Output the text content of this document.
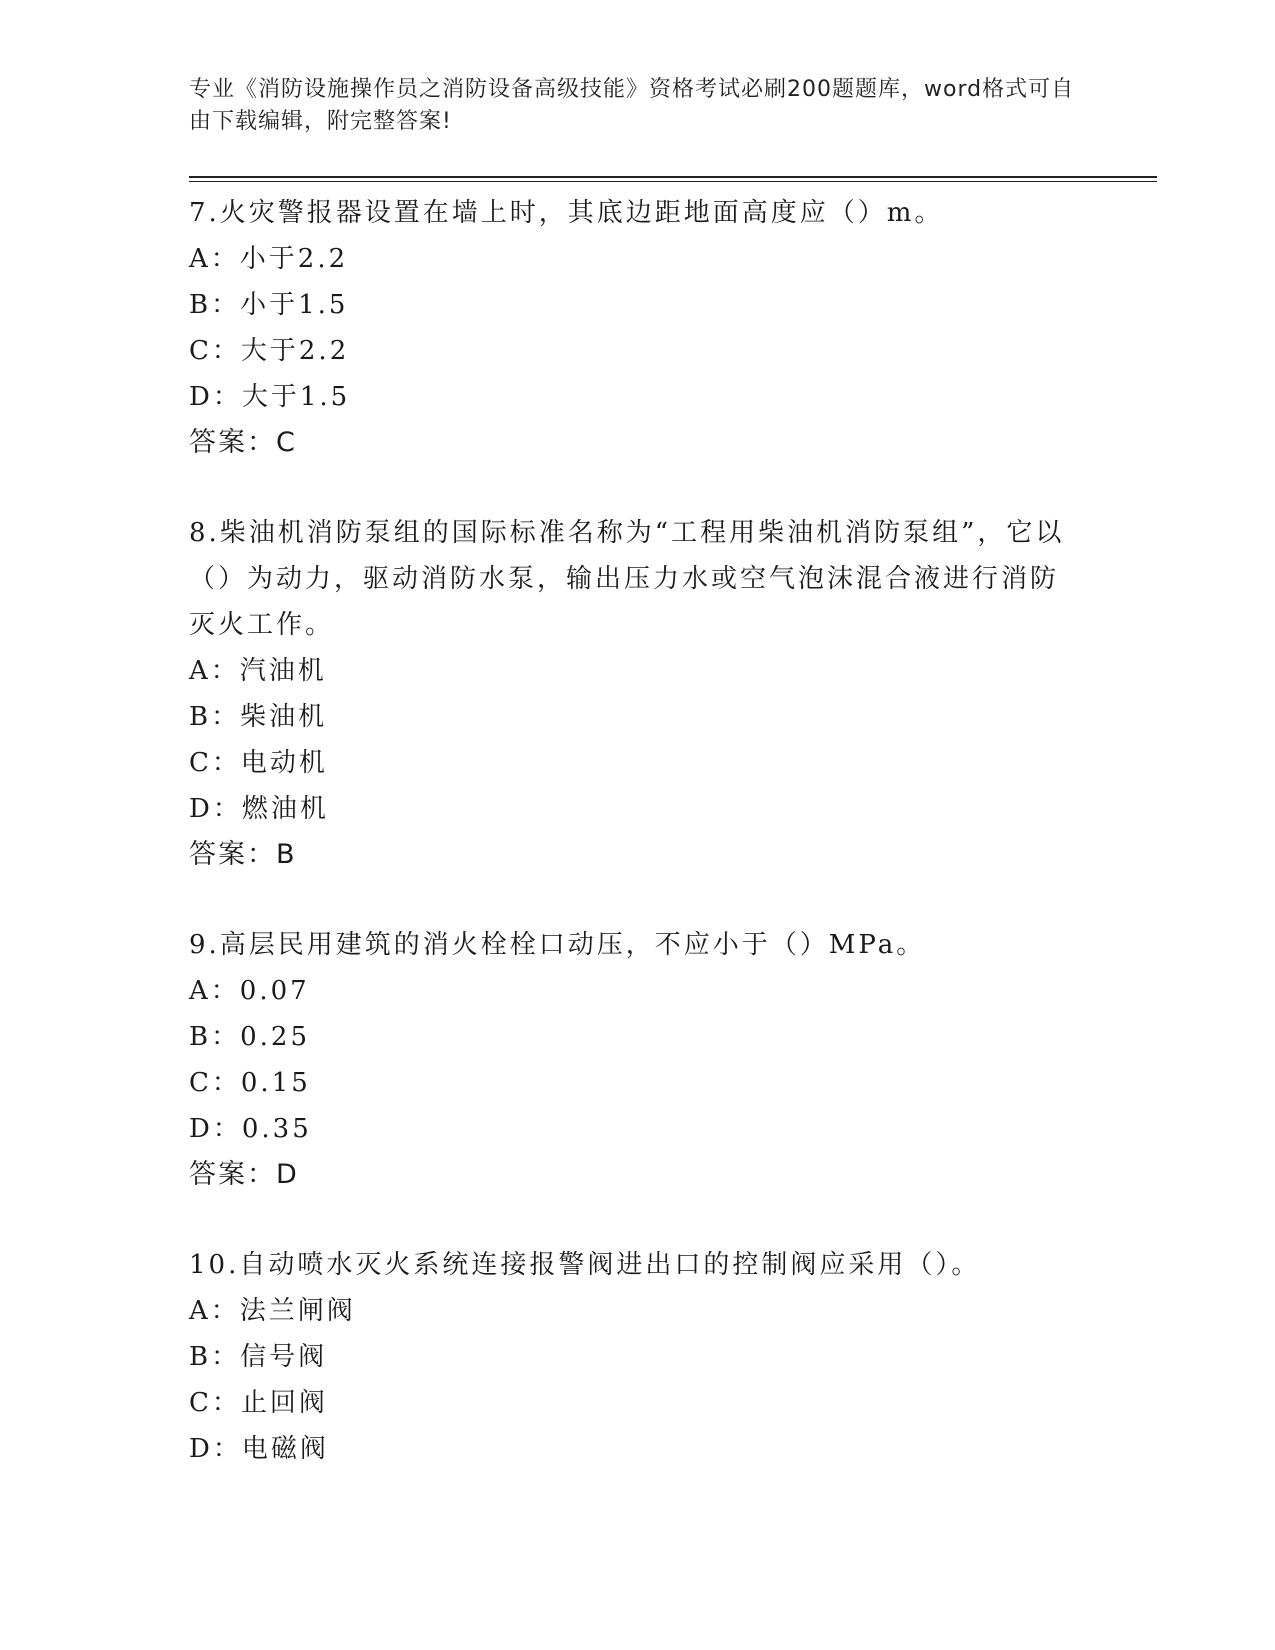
专业《消防设施操作员之消防设备高级技能》资格考试必刷200题题库，word格式可自由下载编辑，附完整答案!

7.火灾警报器设置在墙上时，其底边距地面高度应（）m。

A：小于2.2

B：小于1.5

C：大于2.2

D：大于1.5

答案：C

8.柴油机消防泵组的国际标准名称为“工程用柴油机消防泵组”，它以（）为动力，驱动消防水泵，输出压力水或空气泡沫混合液进行消防灭火工作。

A：汽油机

B：柴油机

C：电动机

D：燃油机

答案：B

9.高层民用建筑的消火栓栓口动压，不应小于（）MPa。

A：0.07

B：0.25

C：0.15

D：0.35

答案：D

10.自动喷水灭火系统连接报警阀进出口的控制阀应采用（）。

A：法兰闸阀

B：信号阀

C：止回阀

D：电磁阀
